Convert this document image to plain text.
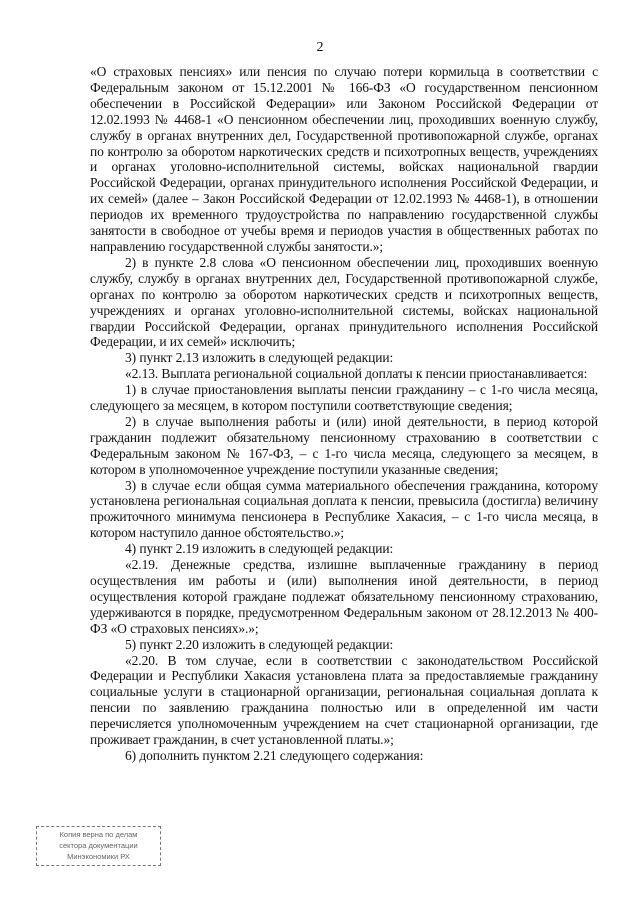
2

«О страховых пенсиях» или пенсия по случаю потери кормильца в соответствии с Федеральным законом от 15.12.2001 № 166-ФЗ «О государственном пенсионном обеспечении в Российской Федерации» или Законом Российской Федерации от 12.02.1993 № 4468-1 «О пенсионном обеспечении лиц, проходивших военную службу, службу в органах внутренних дел, Государственной противопожарной службе, органах по контролю за оборотом наркотических средств и психотропных веществ, учреждениях и органах уголовно-исполнительной системы, войсках национальной гвардии Российской Федерации, органах принудительного исполнения Российской Федерации, и их семей» (далее – Закон Российской Федерации от 12.02.1993 № 4468-1), в отношении периодов их временного трудоустройства по направлению государственной службы занятости в свободное от учебы время и периодов участия в общественных работах по направлению государственной службы занятости.»;

2) в пункте 2.8 слова «О пенсионном обеспечении лиц, проходивших военную службу, службу в органах внутренних дел, Государственной противопожарной службе, органах по контролю за оборотом наркотических средств и психотропных веществ, учреждениях и органах уголовно-исполнительной системы, войсках национальной гвардии Российской Федерации, органах принудительного исполнения Российской Федерации, и их семей» исключить;

3) пункт 2.13 изложить в следующей редакции:

«2.13. Выплата региональной социальной доплаты к пенсии приостанавливается:

1) в случае приостановления выплаты пенсии гражданину – с 1-го числа месяца, следующего за месяцем, в котором поступили соответствующие сведения;

2) в случае выполнения работы и (или) иной деятельности, в период которой гражданин подлежит обязательному пенсионному страхованию в соответствии с Федеральным законом № 167-ФЗ, – с 1-го числа месяца, следующего за месяцем, в котором в уполномоченное учреждение поступили указанные сведения;

3) в случае если общая сумма материального обеспечения гражданина, которому установлена региональная социальная доплата к пенсии, превысила (достигла) величину прожиточного минимума пенсионера в Республике Хакасия, – с 1-го числа месяца, в котором наступило данное обстоятельство.»;

4) пункт 2.19 изложить в следующей редакции:

«2.19. Денежные средства, излишне выплаченные гражданину в период осуществления им работы и (или) выполнения иной деятельности, в период осуществления которой граждане подлежат обязательному пенсионному страхованию, удерживаются в порядке, предусмотренном Федеральным законом от 28.12.2013 № 400-ФЗ «О страховых пенсиях».»;

5) пункт 2.20 изложить в следующей редакции:

«2.20. В том случае, если в соответствии с законодательством Российской Федерации и Республики Хакасия установлена плата за предоставляемые гражданину социальные услуги в стационарной организации, региональная социальная доплата к пенсии по заявлению гражданина полностью или в определенной им части перечисляется уполномоченным учреждением на счет стационарной организации, где проживает гражданин, в счет установленной платы.»;

6) дополнить пунктом 2.21 следующего содержания:

Копия верна по делам
сектора документации
Минэкономики РХ
